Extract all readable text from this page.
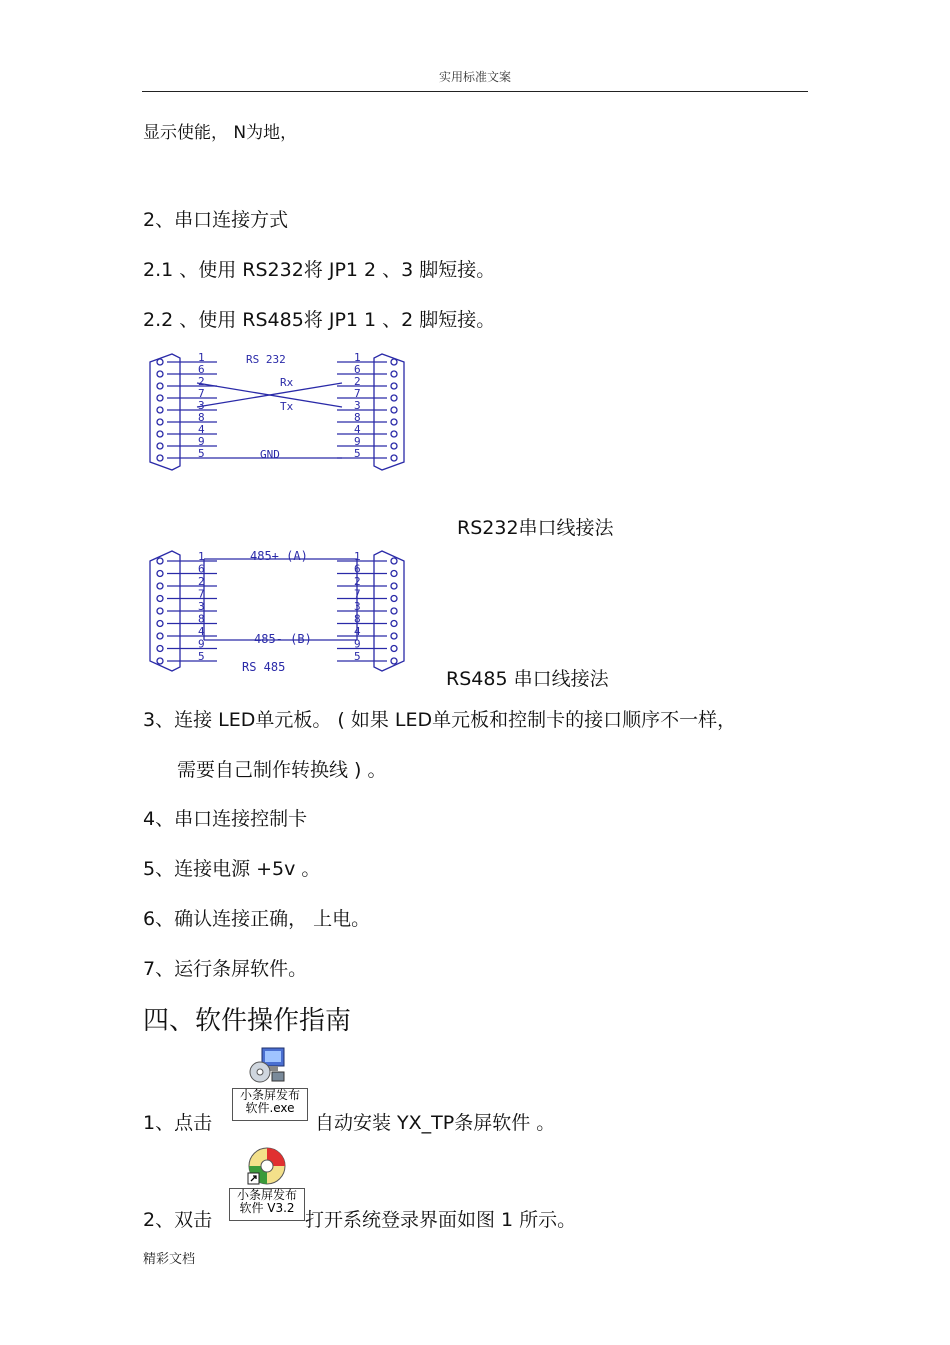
实用标准文案
显示使能， N为地，
2、串口连接方式
2.1 、使用 RS232将 JP1 2 、3 脚短接。
2.2 、使用 RS485将 JP1 1 、2 脚短接。
1
6
2
7
3
8
4
9
5
1
6
2
7
3
8
4
9
5
RS 232
Rx
Tx
GND
RS232串口线接法
1
6
2
7
3
8
4
9
5
1
6
2
7
3
8
4
9
5
485+ (A)
485- (B)
RS 485
RS485 串口线接法
3、连接 LED单元板。 ( 如果 LED单元板和控制卡的接口顺序不一样，
需要自己制作转换线 ) 。
4、串口连接控制卡
5、连接电源 +5v 。
6、确认连接正确， 上电。
7、运行条屏软件。
四、软件操作指南
小条屏发布
软件.exe
1、点击	自动安装 YX_TP条屏软件 。
小条屏发布
软件 V3.2
2、双击	打开系统登录界面如图 1 所示。
精彩文档
